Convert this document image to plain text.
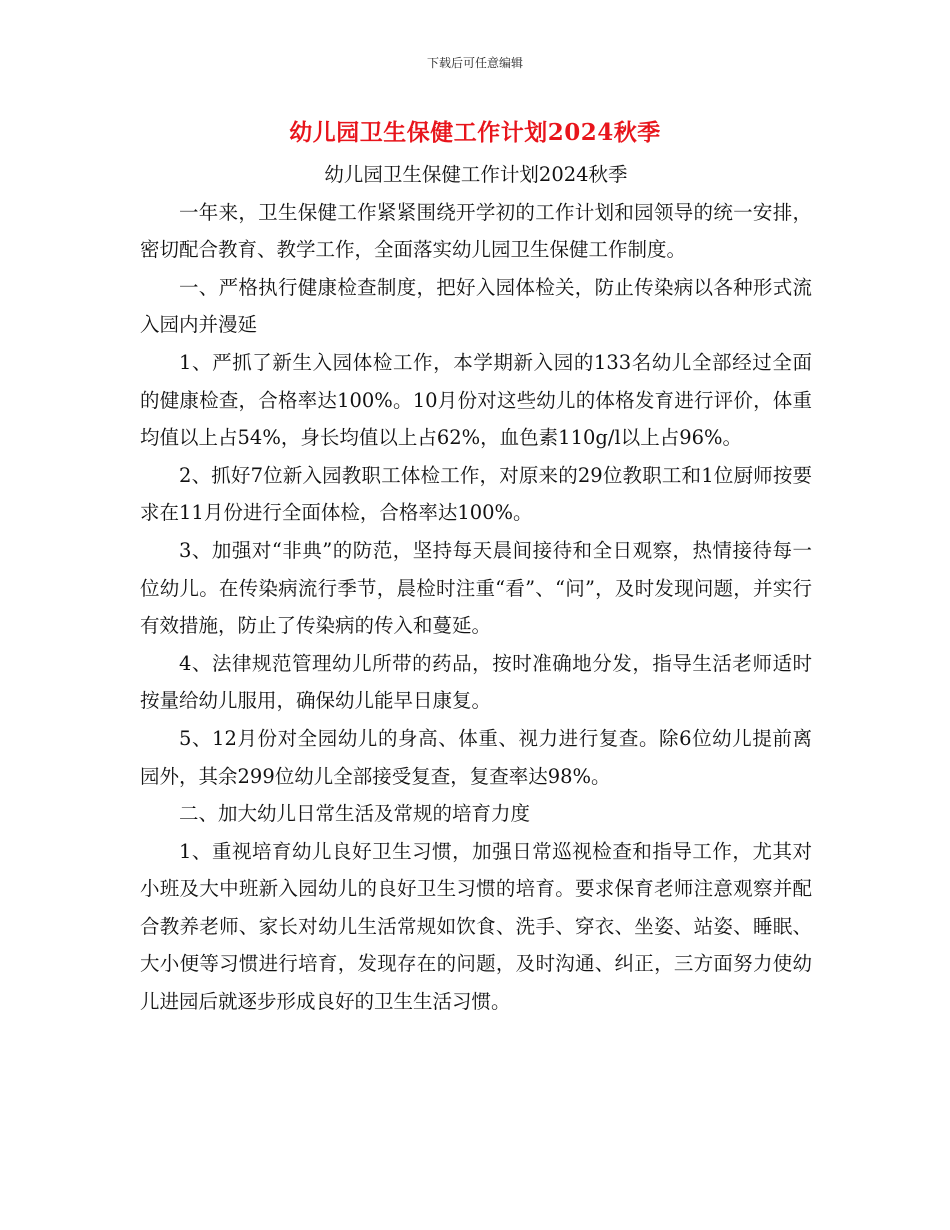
下载后可任意编辑
幼儿园卫生保健工作计划2024秋季

幼儿园卫生保健工作计划2024秋季

一年来，卫生保健工作紧紧围绕开学初的工作计划和园领导的统一安排，密切配合教育、教学工作，全面落实幼儿园卫生保健工作制度。

一、严格执行健康检查制度，把好入园体检关，防止传染病以各种形式流入园内并漫延

1、严抓了新生入园体检工作，本学期新入园的133名幼儿全部经过全面的健康检查，合格率达100%。10月份对这些幼儿的体格发育进行评价，体重均值以上占54%，身长均值以上占62%，血色素110g/l以上占96%。

2、抓好7位新入园教职工体检工作，对原来的29位教职工和1位厨师按要求在11月份进行全面体检，合格率达100%。

3、加强对“非典”的防范，坚持每天晨间接待和全日观察，热情接待每一位幼儿。在传染病流行季节，晨检时注重“看”、“问”，及时发现问题，并实行有效措施，防止了传染病的传入和蔓延。

4、法律规范管理幼儿所带的药品，按时准确地分发，指导生活老师适时按量给幼儿服用，确保幼儿能早日康复。

5、12月份对全园幼儿的身高、体重、视力进行复查。除6位幼儿提前离园外，其余299位幼儿全部接受复查，复查率达98%。

二、加大幼儿日常生活及常规的培育力度

1、重视培育幼儿良好卫生习惯，加强日常巡视检查和指导工作，尤其对小班及大中班新入园幼儿的良好卫生习惯的培育。要求保育老师注意观察并配合教养老师、家长对幼儿生活常规如饮食、洗手、穿衣、坐姿、站姿、睡眠、大小便等习惯进行培育，发现存在的问题，及时沟通、纠正，三方面努力使幼儿进园后就逐步形成良好的卫生生活习惯。
